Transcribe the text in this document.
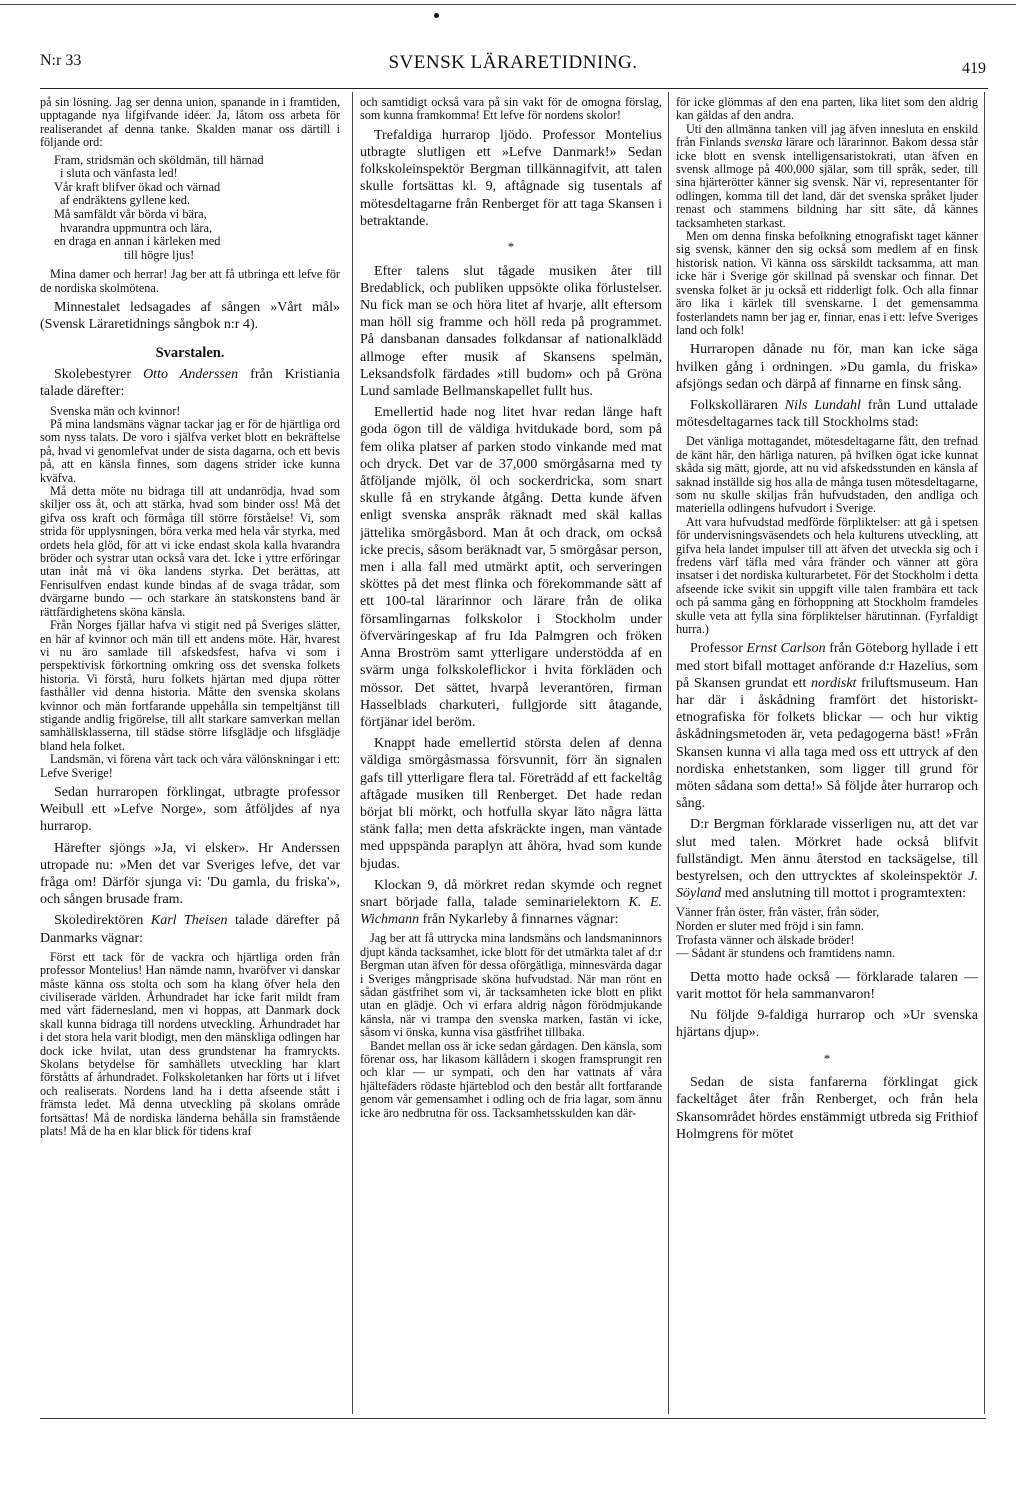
N:r 33	SVENSK LÄRARETIDNING.	419

på sin lösning. Jag ser denna union, spanande in i framtiden, upptagande nya lifgifvande idéer. Ja, låtom oss arbeta för realiserandet af denna tanke. Skalden manar oss därtill i följande ord:

Fram, stridsmän och sköldmän, till härnad
i sluta och vänfasta led!
Vår kraft blifver ökad och värnad
af endräktens gyllene ked.
Må samfäldt vår börda vi bära,
hvarandra uppmuntra och lära,
en draga en annan i kärleken med
till högre ljus!

Mina damer och herrar! Jag ber att få utbringa ett lefve för de nordiska skolmötena.

Minnestalet ledsagades af sången »Vårt mål» (Svensk Läraretidnings sångbok n:r 4).

Svarstalen.

Skolebestyrer Otto Anderssen från Kristiania talade därefter:

Svenska män och kvinnor!

På mina landsmäns vägnar tackar jag er för de hjärtliga ord som nyss talats. De voro i själfva verket blott en bekräftelse på, hvad vi genomlefvat under de sista dagarna, och ett bevis på, att en känsla finnes, som dagens strider icke kunna kväfva.

Må detta möte nu bidraga till att undanrödja, hvad som skiljer oss åt, och att stärka, hvad som binder oss! Må det gifva oss kraft och förmåga till större förståelse! Vi, som strida för upplysningen, böra verka med hela vår styrka, med ordets hela glöd, för att vi icke endast skola kalla hvarandra bröder och systrar utan också vara det. Icke i yttre erföringar utan inåt må vi öka landens styrka. Det berättas, att Fenrisulfven endast kunde bindas af de svaga trådar, som dvärgarne bundo — och starkare än statskonstens band är rättfärdighetens sköna känsla.

Från Norges fjällar hafva vi stigit ned på Sveriges slätter, en här af kvinnor och män till ett andens möte. Här, hvarest vi nu äro samlade till afskedsfest, hafva vi som i perspektivisk förkortning omkring oss det svenska folkets historia. Vi förstå, huru folkets hjärtan med djupa rötter fasthåller vid denna historia. Måtte den svenska skolans kvinnor och män fortfarande uppehålla sin tempeltjänst till stigande andlig frigörelse, till allt starkare samverkan mellan samhällsklasserna, till städse större lifsglädje och lifsglädje bland hela folket.

Landsmän, vi förena vårt tack och våra välönskningar i ett: Lefve Sverige!

Sedan hurraropen förklingat, utbragte professor Weibull ett »Lefve Norge», som åtföljdes af nya hurrarop.

Härefter sjöngs »Ja, vi elsker». Hr Anderssen utropade nu: »Men det var Sveriges lefve, det var fråga om! Därför sjunga vi: 'Du gamla, du friska'», och sången brusade fram.

Skoledirektören Karl Theisen talade därefter på Danmarks vägnar:

Först ett tack för de vackra och hjärtliga orden från professor Montelius! Han nämde namn, hvaröfver vi danskar måste känna oss stolta och som ha klang öfver hela den civiliserade världen. Århundradet har icke farit mildt fram med vårt fädernesland, men vi hoppas, att Danmark dock skall kunna bidraga till nordens utveckling. Århundradet har i det stora hela varit blodigt, men den mänskliga odlingen har dock icke hvilat, utan dess grundstenar ha framryckts. Skolans betydelse för samhällets utveckling har klart förståtts af århundradet. Folkskoletanken har förts ut i lifvet och realiserats. Nordens land ha i detta afseende stått i främsta ledet. Må denna utveckling på skolans område fortsättas! Må de nordiska länderna behålla sin framstående plats! Må de ha en klar blick för tidens kraf

och samtidigt också vara på sin vakt för de omogna förslag, som kunna framkomma! Ett lefve för nordens skolor!

Trefaldiga hurrarop ljödo. Professor Montelius utbragte slutligen ett »Lefve Danmark!» Sedan folkskoleinspektör Bergman tillkännagifvit, att talen skulle fortsättas kl. 9, aftågnade sig tusentals af mötesdeltagarne från Renberget för att taga Skansen i betraktande.

*

Efter talens slut tågade musiken åter till Bredablick, och publiken uppsökte olika förlustelser. Nu fick man se och höra litet af hvarje, allt eftersom man höll sig framme och höll reda på programmet. På dansbanan dansades folkdansar af nationalklädd allmoge efter musik af Skansens spelmän, Leksandsfolk färdades »till budom» och på Gröna Lund samlade Bellmanskapellet fullt hus.

Emellertid hade nog litet hvar redan länge haft goda ögon till de väldiga hvitdukade bord, som på fem olika platser af parken stodo vinkande med mat och dryck. Det var de 37,000 smörgåsarna med ty åtföljande mjölk, öl och sockerdricka, som snart skulle få en strykande åtgång. Detta kunde äfven enligt svenska anspråk räknadt med skäl kallas jättelika smörgåsbord. Man åt och drack, om också icke precis, såsom beräknadt var, 5 smörgåsar person, men i alla fall med utmärkt aptit, och serveringen sköttes på det mest flinka och förekommande sätt af ett 100-tal lärarinnor och lärare från de olika församlingarnas folkskolor i Stockholm under öfverväringeskap af fru Ida Palmgren och fröken Anna Broström samt ytterligare understödda af en svärm unga folkskoleflickor i hvita förkläden och mössor. Det sättet, hvarpå leverantören, firman Hasselblads charkuteri, fullgjorde sitt åtagande, förtjänar idel beröm.

Knappt hade emellertid största delen af denna väldiga smörgåsmassa försvunnit, förr än signalen gafs till ytterligare flera tal. Företrädd af ett fackeltåg aftågade musiken till Renberget. Det hade redan börjat bli mörkt, och hotfulla skyar läto några lätta stänk falla; men detta afskräckte ingen, man väntade med uppspända paraplyn att åhöra, hvad som kunde bjudas.

Klockan 9, då mörkret redan skymde och regnet snart började falla, talade seminarielektorn K. E. Wichmann från Nykarleby å finnarnes vägnar:

Jag ber att få uttrycka mina landsmäns och landsmaninnors djupt kända tacksamhet, icke blott för det utmärkta talet af d:r Bergman utan äfven för dessa oförgätliga, minnesvärda dagar i Sveriges mångprisade sköna hufvudstad. När man rönt en sådan gästfrihet som vi, är tacksamheten icke blott en plikt utan en glädje. Och vi erfara aldrig någon förödmjukande känsla, när vi trampa den svenska marken, fastän vi icke, såsom vi önska, kunna visa gästfrihet tillbaka.

Bandet mellan oss är icke sedan gårdagen. Den känsla, som förenar oss, har likasom källådern i skogen framsprungit ren och klar — ur sympati, och den har vattnats af våra hjältefäders rödaste hjärteblod och den består allt fortfarande genom vår gemensamhet i odling och de fria lagar, som ännu icke äro nedbrutna för oss. Tacksamhetsskulden kan där-

för icke glömmas af den ena parten, lika litet som den aldrig kan gäldas af den andra.

Uti den allmänna tanken vill jag äfven innesluta en enskild från Finlands svenska lärare och lärarinnor. Bakom dessa står icke blott en svensk intelligensaristokrati, utan äfven en svensk allmoge på 400,000 själar, som till språk, seder, till sina hjärterötter känner sig svensk. När vi, representanter för odlingen, komma till det land, där det svenska språket ljuder renast och stammens bildning har sitt säte, då kännes tacksamheten starkast.

Men om denna finska befolkning etnografiskt taget känner sig svensk, känner den sig också som medlem af en finsk historisk nation. Vi känna oss särskildt tacksamma, att man icke här i Sverige gör skillnad på svenskar och finnar. Det svenska folket är ju också ett ridderligt folk. Och alla finnar äro lika i kärlek till svenskarne. I det gemensamma fosterlandets namn ber jag er, finnar, enas i ett: lefve Sveriges land och folk!

Hurraropen dånade nu för, man kan icke säga hvilken gång i ordningen. »Du gamla, du friska» afsjöngs sedan och därpå af finnarne en finsk sång.

Folkskolläraren Nils Lundahl från Lund uttalade mötesdeltagarnes tack till Stockholms stad:

Det vänliga mottagandet, mötesdeltagarne fått, den trefnad de känt här, den härliga naturen, på hvilken ögat icke kunnat skåda sig mätt, gjorde, att nu vid afskedsstunden en känsla af saknad inställde sig hos alla de många tusen mötesdeltagarne, som nu skulle skiljas från hufvudstaden, den andliga och materiella odlingens hufvudort i Sverige.

Att vara hufvudstad medförde förpliktelser: att gå i spetsen för undervisningsväsendets och hela kulturens utveckling, att gifva hela landet impulser till att äfven det utveckla sig och i fredens värf täfla med våra fränder och vänner att göra insatser i det nordiska kulturarbetet. För det Stockholm i detta afseende icke svikit sin uppgift ville talen frambära ett tack och på samma gång en förhoppning att Stockholm framdeles skulle veta att fylla sina förpliktelser härutinnan. (Fyrfaldigt hurra.)

Professor Ernst Carlson från Göteborg hyllade i ett med stort bifall mottaget anförande d:r Hazelius, som på Skansen grundat ett nordiskt friluftsmuseum. Han har där i åskådning framfört det historiskt-etnografiska för folkets blickar — och hur viktig åskådningsmetoden är, veta pedagogerna bäst! »Från Skansen kunna vi alla taga med oss ett uttryck af den nordiska enhetstanken, som ligger till grund för möten sådana som detta!» Så följde åter hurrarop och sång.

D:r Bergman förklarade visserligen nu, att det var slut med talen. Mörkret hade också blifvit fullständigt. Men ännu återstod en tacksägelse, till bestyrelsen, och den uttrycktes af skoleinspektör J. Söyland med anslutning till mottot i programtexten:

Vänner från öster, från väster, från söder,
Norden er sluter med fröjd i sin famn.
Trofasta vänner och älskade bröder!
— Sådant är stundens och framtidens namn.

Detta motto hade också — förklarade talaren — varit mottot för hela sammanvaron!

Nu följde 9-faldiga hurrarop och »Ur svenska hjärtans djup».

*

Sedan de sista fanfarerna förklingat gick fackeltåget åter från Renberget, och från hela Skansområdet hördes enstämmigt utbreda sig Frithiof Holmgrens för mötet
